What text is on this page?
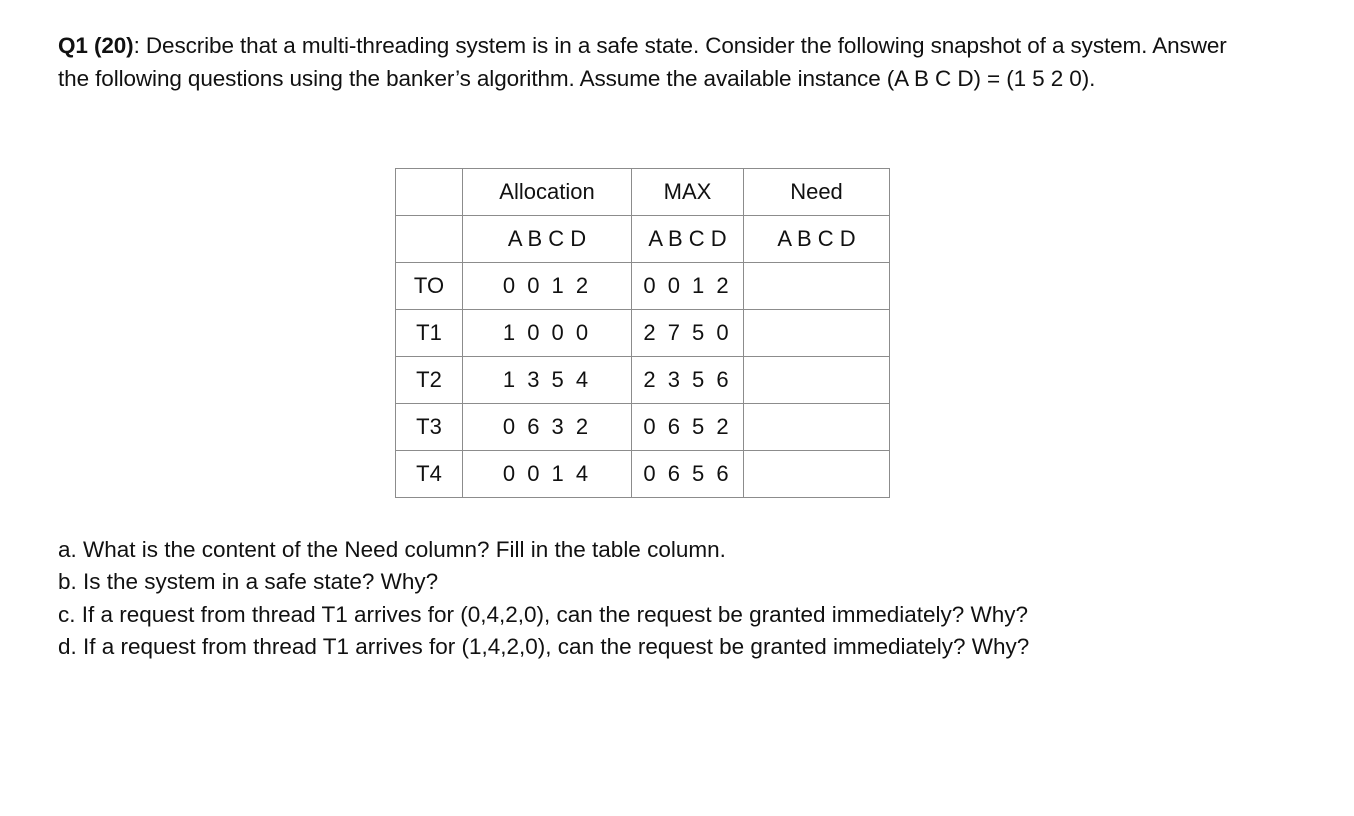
Q1 (20): Describe that a multi-threading system is in a safe state. Consider the following snapshot of a system. Answer the following questions using the banker’s algorithm. Assume the available instance (A B C D) = (1 5 2 0).
	Allocation	MAX	Need
	A B C D	A B C D	A B C D
TO	0 0 1 2	0 0 1 2	
T1	1 0 0 0	2 7 5 0	
T2	1 3 5 4	2 3 5 6	
T3	0 6 3 2	0 6 5 2	
T4	0 0 1 4	0 6 5 6	

a. What is the content of the Need column? Fill in the table column.

b. Is the system in a safe state? Why?

c. If a request from thread T1 arrives for (0,4,2,0), can the request be granted immediately? Why?

d. If a request from thread T1 arrives for (1,4,2,0), can the request be granted immediately? Why?
